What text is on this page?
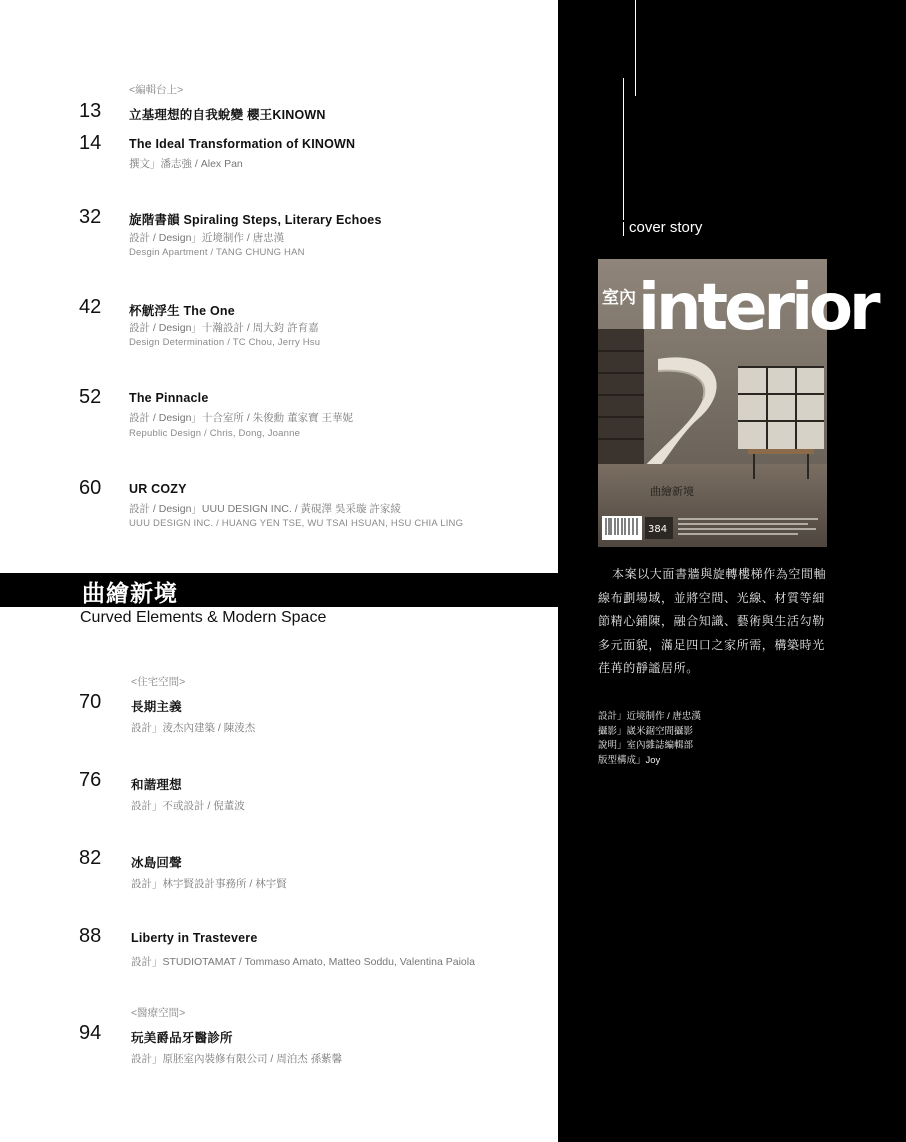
<編輯台上>
13 立基理想的自我蛻變 櫻王KINOWN
14 The Ideal Transformation of KINOWN
撰文」潘志強 / Alex Pan
32 旋階書韻 Spiraling Steps, Literary Echoes
設計 / Design」近境制作 / 唐忠漢
Desgin Apartment / TANG CHUNG HAN
42 杯觥浮生 The One
設計 / Design」十瀚設計 / 周大鈞 許育嘉
Design Determination / TC Chou, Jerry Hsu
52 The Pinnacle
設計 / Design」十合室所 / 朱俊勳 董家寶 王華妮
Republic Design / Chris, Dong, Joanne
60 UR COZY
設計 / Design」UUU DESIGN INC. / 黃硯澤 吳采璇 許家綾
UUU DESIGN INC. / HUANG YEN TSE, WU TSAI HSUAN, HSU CHIA LING
曲繪新境
Curved Elements & Modern Space
<住宅空間>
70 長期主義
設計」淩杰內建築 / 陳淩杰
76 和諧理想
設計」不或設計 / 倪董波
82 冰島回聲
設計」林宇賢設計事務所 / 林宇賢
88 Liberty in Trastevere
設計」STUDIOTAMAT / Tommaso Amato, Matteo Soddu, Valentina Paiola
<醫療空間>
94 玩美爵品牙醫診所
設計」原胚室內裝修有限公司 / 周泊杰 孫紫馨
cover story
室內 interior
曲繪新境
384
本案以大面書牆與旋轉樓梯作為空間軸線布劃場域，並將空間、光線、材質等細節精心鋪陳，融合知識、藝術與生活勾勒多元面貌，滿足四口之家所需，構築時光荏苒的靜謐居所。
設計」近境制作 / 唐忠漢
攝影」崴米鋸空間攝影
說明」室內雜誌編輯部
版型構成」Joy
